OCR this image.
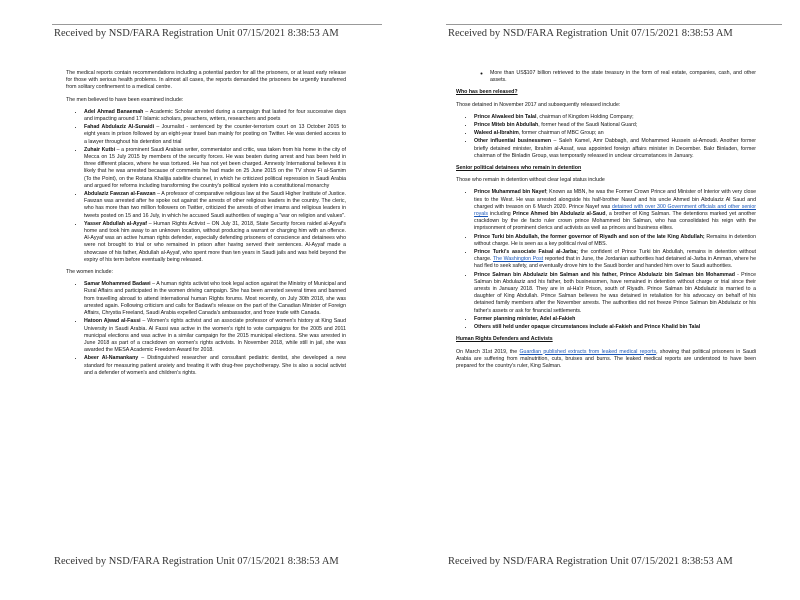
Received by NSD/FARA Registration Unit 07/15/2021 8:38:53 AM

The medical reports contain recommendations including a potential pardon for all the prisoners, or at least early release for those with serious health problems. In almost all cases, the reports demanded the prisoners be urgently transferred from solitary confinement to a medical centre.

The men believed to have been examined include:

• Adel Ahmad Banaemah – Academic Scholar arrested during a campaign that lasted for four successive days and impacting around 17 Islamic scholars, preachers, writers, researchers and poets
• Fahad Abdulaziz Al-Sunaidi – Journalist - sentenced by the counter-terrorism court on 13 October 2015 to eight years in prison followed by an eight-year travel ban mainly for posting on Twitter. He was denied access to a lawyer throughout his detention and trial
• Zuhair Kutbi – a prominent Saudi Arabian writer, commentator and critic, was taken from his home in the city of Mecca on 15 July 2015 by members of the security forces. He was beaten during arrest and has been held in three different places, where he was tortured. He has not yet been charged. Amnesty International believes it is likely that he was arrested because of comments he had made on 25 June 2015 on the TV show Fi al-Samim (To the Point), on the Rotana Khalijia satellite channel, in which he criticized political repression in Saudi Arabia and argued for reforms including transforming the country's political system into a constitutional monarchy
• Abdulaziz Fawzan al-Fawzan – A professor of comparative religious law at the Saudi Higher Institute of Justice. Fawzan was arrested after he spoke out against the arrests of other religious leaders in the country. The cleric, who has more than two million followers on Twitter, criticized the arrests of other imams and religious leaders in tweets posted on 15 and 16 July, in which he accused Saudi authorities of waging a "war on religion and values".
• Yasser Abdullah al-Ayyaf – Human Rights Activist – ON July 31, 2018, State Security forces raided al-Ayyaf's home and took him away to an unknown location, without producing a warrant or charging him with an offence. Al-Ayyaf was an active human rights defender, especially defending prisoners of conscience and detainees who were not brought to trial or who remained in prison after having served their sentences. Al-Ayyaf made a showcase of his father, Abdullah al-Ayyaf, who spent more than ten years in Saudi jails and was held beyond the expiry of his term before eventually being released.

The women include:

• Samar Mohammed Badawi – A human rights activist who took legal action against the Ministry of Municipal and Rural Affairs and participated in the women driving campaign. She has been arrested several times and banned from travelling abroad to attend international human Rights forums. Most recently, on July 30th 2018, she was arrested again. Following criticism and calls for Badawi's release on the part of the Canadian Minister of Foreign Affairs, Chrystia Freeland, Saudi Arabia expelled Canada's ambassador, and froze trade with Canada.
• Hatoon Ajwad al-Fassi – Women's rights activist and an associate professor of women's history at King Saud University in Saudi Arabia. Al Fassi was active in the women's right to vote campaigns for the 2005 and 2011 municipal elections and was active in a similar campaign for the 2015 municipal elections. She was arrested in June 2018 as part of a crackdown on women's rights activists. In November 2018, while still in jail, she was awarded the MESA Academic Freedom Award for 2018.
• Abeer Al-Namankany – Distinguished researcher and consultant pediatric dentist, she developed a new standard for measuring patient anxiety and treating it with drug-free psychotherapy. She is also a social activist and a defender of women's and children's rights.
Received by NSD/FARA Registration Unit 07/15/2021 8:38:53 AM
Received by NSD/FARA Registration Unit 07/15/2021 8:38:53 AM
◦ More than US$107 billion retrieved to the state treasury in the form of real estate, companies, cash, and other assets.

Who has been released?

Those detained in November 2017 and subsequently released include:

• Prince Alwaleed bin Talal, chairman of Kingdom Holding Company;
• Prince Miteb bin Abdullah, former head of the Saudi National Guard;
• Waleed al-Ibrahim, former chairman of MBC Group; an
• Other influential businessmen – Saleh Kamel, Amr Dabbagh, and Mohammed Hussein al-Amoudi. Another former briefly detained minister, Ibrahim al-Assaf, was appointed foreign affairs minister in December. Bakr Binladen, former chairman of the Binladin Group, was temporarily released in unclear circumstances in January.

Senior political detainees who remain in detention

Those who remain in detention without clear legal status include

• Prince Muhammad bin Nayef; Known as MBN, he was the Former Crown Prince and Minister of Interior with very close ties to the West. He was arrested alongside his half-brother Nawaf and his uncle Ahmed bin Abdulaziz Al Saud and charged with treason on 6 March 2020. Prince Nayef was detained with over 300 Government officials and other senior royals including Prince Ahmed bin Abdulaziz al-Saud, a brother of King Salman. The detentions marked yet another crackdown by the de facto ruler crown prince Mohammed bin Salman, who has consolidated his reign with the imprisonment of prominent clerics and activists as well as princes and business elites.
• Prince Turki bin Abdullah, the former governor of Riyadh and son of the late King Abdullah; Remains in detention without charge. He is seen as a key political rival of MBS.
• Prince Turki's associate Faisal al-Jarba; the confident of Prince Turki bin Abdullah, remains in detention without charge. The Washington Post reported that in June, the Jordanian authorities had detained al-Jarba in Amman, where he had fled to seek safety, and eventually drove him to the Saudi border and handed him over to Saudi authorities.
• Prince Salman bin Abdulaziz bin Salman and his father, Prince Abdulaziz bin Salman bin Mohammad - Prince Salman bin Abdulaziz and his father, both businessmen, have remained in detention without charge or trial since their arrests in January 2018. They are in al-Ha'ir Prison, south of Riyadh. Prince Salman bin Abdulaziz is married to a daughter of King Abdullah. Prince Salman believes he was detained in retaliation for his advocacy on behalf of his detained family members after the November arrests. The authorities did not freeze Prince Salman bin Abdulaziz or his father's assets or ask for financial settlements.
• Former planning minister, Adel al-Fakieh
• Others still held under opaque circumstances include al-Fakieh and Prince Khalid bin Talal

Human Rights Defenders and Activists

On March 31st 2019, the Guardian published extracts from leaked medical reports, showing that political prisoners in Saudi Arabia are suffering from malnutrition, cuts, bruises and burns. The leaked medical reports are understood to have been prepared for the country's ruler, King Salman.

Received by NSD/FARA Registration Unit 07/15/2021 8:38:53 AM
